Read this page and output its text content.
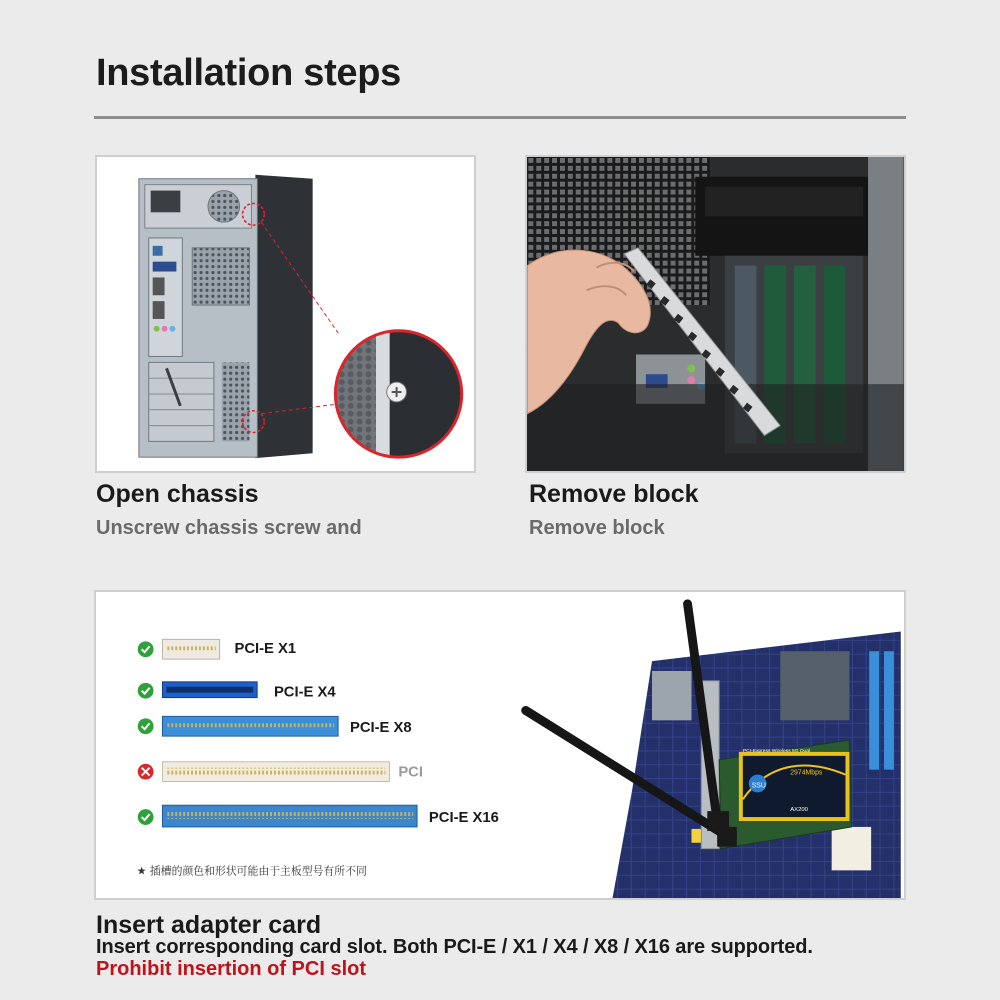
Installation steps
Open chassis
Unscrew chassis screw and
Remove block
Remove block
PCI-E X1
PCI-E X4
PCI-E X8
PCI
PCI-E X16
★ 插槽的颜色和形状可能由于主板型号有所不同
SSU
PCI-Express Wireless 5G Dual
2974Mbps
AX200
Insert adapter card
Insert corresponding card slot. Both PCI-E / X1 / X4 / X8 / X16 are supported.
Prohibit insertion of PCI slot
